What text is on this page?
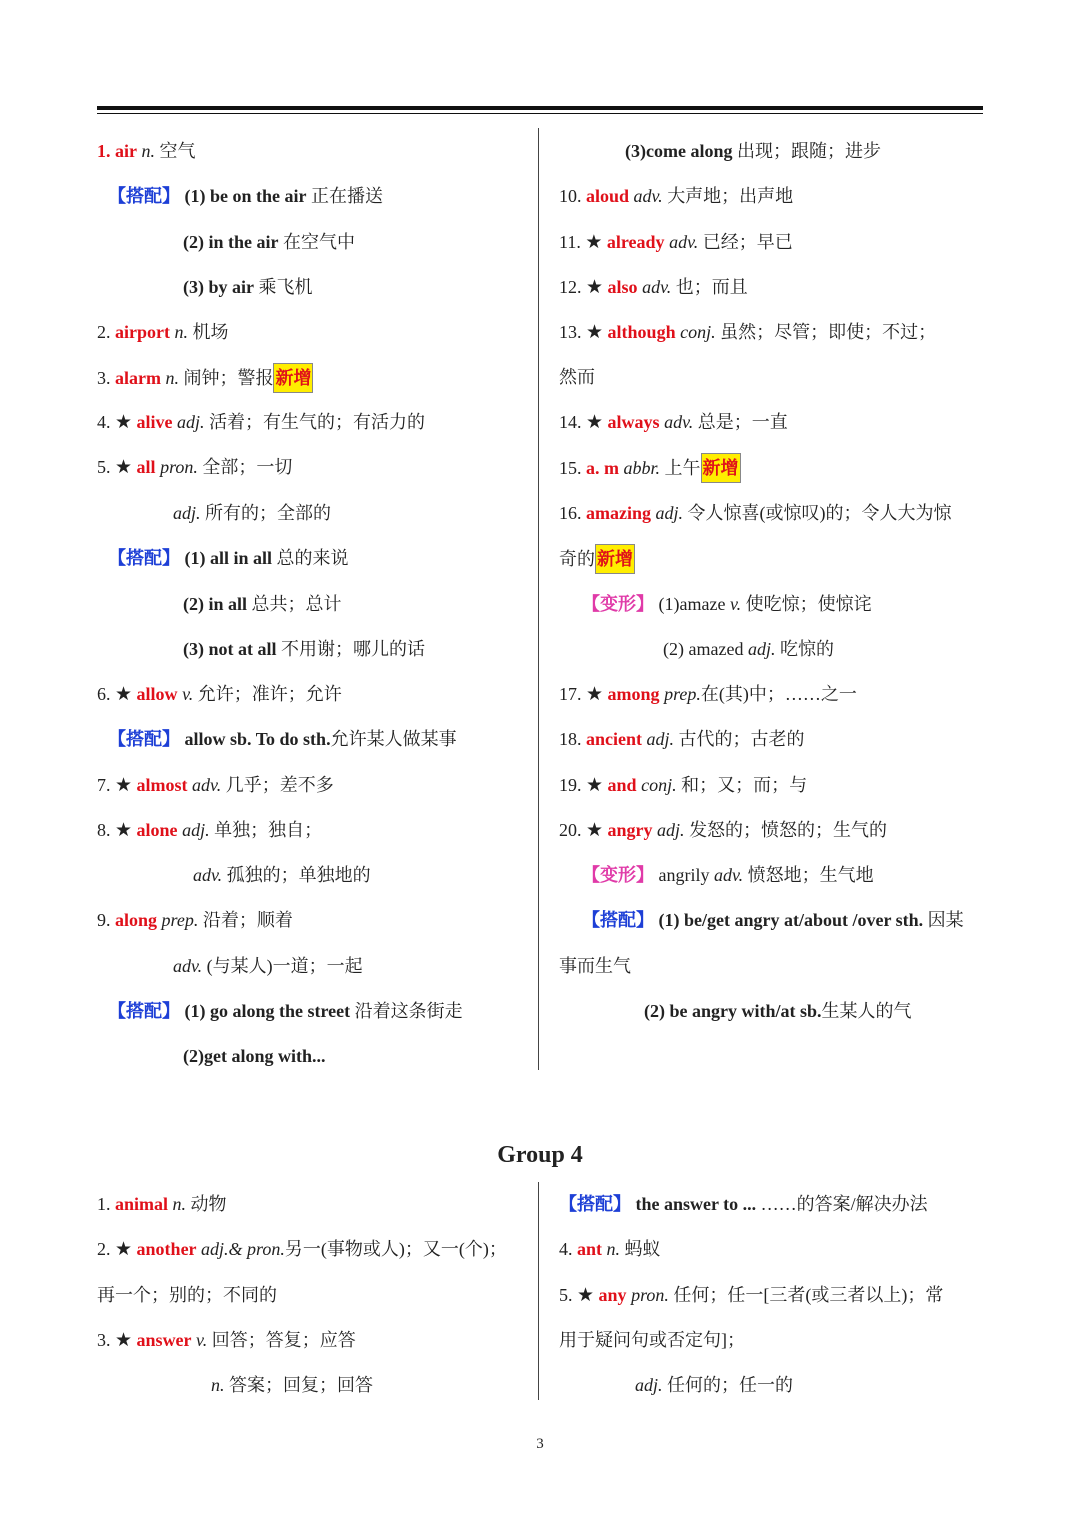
1. air n. 空气
【搭配】 (1) be on the air 正在播送
(2) in the air 在空气中
(3) by air 乘飞机
2. airport n. 机场
3. alarm n. 闹钟；警报 新增
4. ★ alive adj. 活着；有生气的；有活力的
5. ★ all pron. 全部；一切
adj. 所有的；全部的
【搭配】 (1) all in all 总的来说
(2) in all 总共；总计
(3) not at all 不用谢；哪儿的话
6. ★ allow v. 允许；准许；允许
【搭配】 allow sb. To do sth.允许某人做某事
7. ★ almost adv. 几乎；差不多
8. ★ alone adj. 单独；独自；
adv. 孤独的；单独地的
9. along prep. 沿着；顺着
adv. (与某人)一道；一起
【搭配】 (1) go along the street 沿着这条街走
(2)get along with...
(3)come along 出现；跟随；进步
10. aloud adv. 大声地；出声地
11. ★ already adv. 已经；早已
12. ★ also adv. 也；而且
13. ★ although conj. 虽然；尽管；即使；不过；
然而
14. ★ always adv. 总是；一直
15. a. m abbr. 上午 新增
16. amazing adj. 令人惊喜(或惊叹)的；令人大为惊
奇的 新增
【变形】 (1)amaze v. 使吃惊；使惊诧
(2) amazed adj. 吃惊的
17. ★ among prep.在(其)中；……之一
18. ancient adj. 古代的；古老的
19. ★ and conj. 和；又；而；与
20. ★ angry adj. 发怒的；愤怒的；生气的
【变形】 angrily adv. 愤怒地；生气地
【搭配】 (1) be/get angry at/about /over sth. 因某
事而生气
(2) be angry with/at sb.生某人的气
Group 4
1. animal n. 动物
2. ★ another adj.& pron.另一(事物或人)；又一(个)；
再一个；别的；不同的
3. ★ answer v. 回答；答复；应答
n. 答案；回复；回答
【搭配】 the answer to ... ……的答案/解决办法
4. ant n. 蚂蚁
5. ★ any pron. 任何；任一[三者(或三者以上)；常
用于疑问句或否定句]；
adj. 任何的；任一的
3
